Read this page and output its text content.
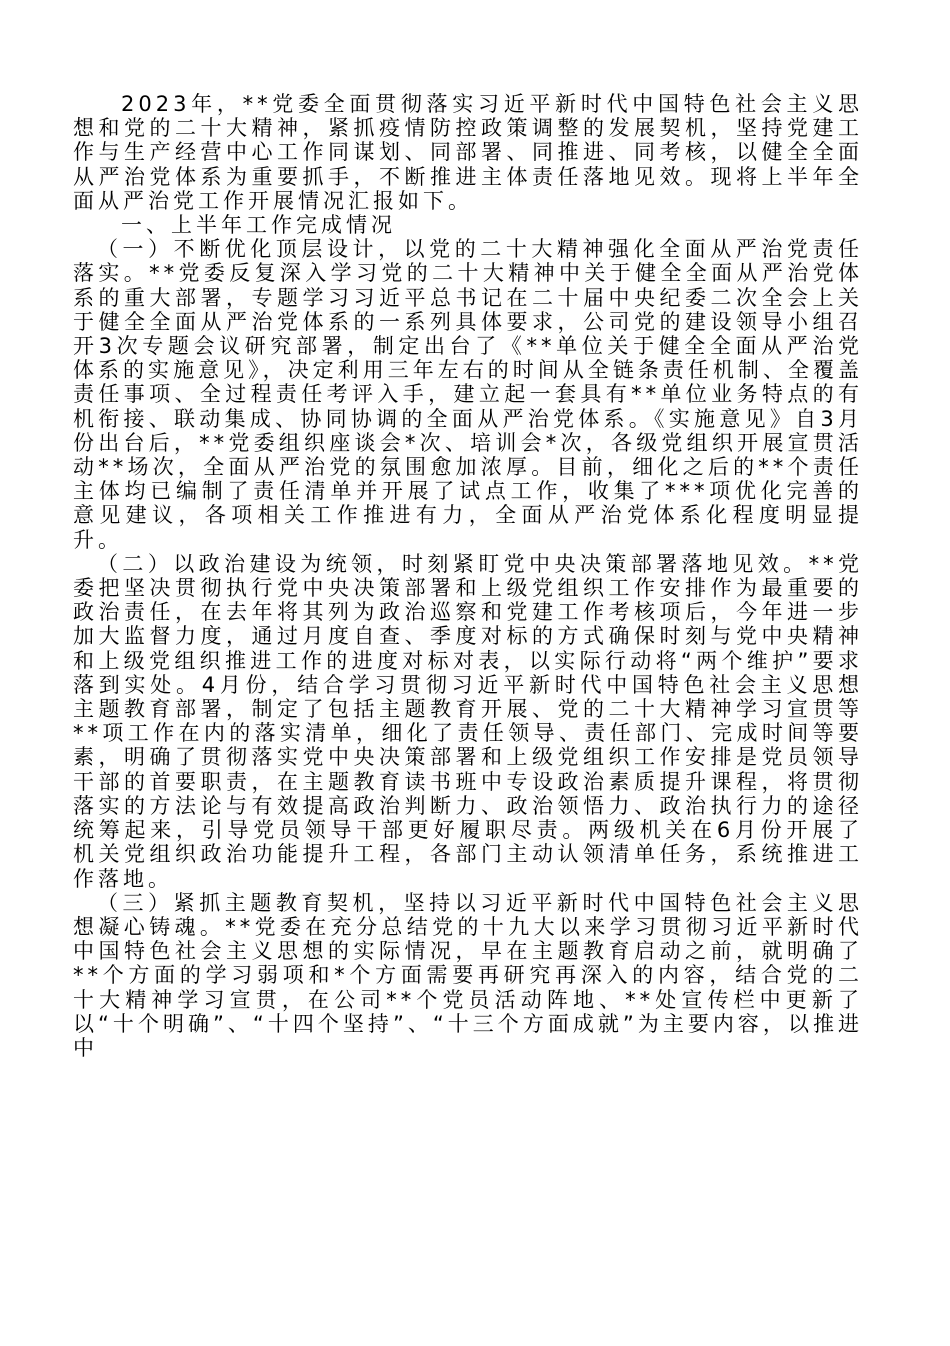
2023年，**党委全面贯彻落实习近平新时代中国特色社会主义思想和党的二十大精神，紧抓疫情防控政策调整的发展契机，坚持党建工作与生产经营中心工作同谋划、同部署、同推进、同考核，以健全全面从严治党体系为重要抓手，不断推进主体责任落地见效。现将上半年全面从严治党工作开展情况汇报如下。

一、上半年工作完成情况

（一）不断优化顶层设计，以党的二十大精神强化全面从严治党责任落实。**党委反复深入学习党的二十大精神中关于健全全面从严治党体系的重大部署，专题学习习近平总书记在二十届中央纪委二次全会上关于健全全面从严治党体系的一系列具体要求，公司党的建设领导小组召开3次专题会议研究部署，制定出台了《**单位关于健全全面从严治党体系的实施意见》，决定利用三年左右的时间从全链条责任机制、全覆盖责任事项、全过程责任考评入手，建立起一套具有**单位业务特点的有机衔接、联动集成、协同协调的全面从严治党体系。《实施意见》自3月份出台后，**党委组织座谈会*次、培训会*次，各级党组织开展宣贯活动**场次，全面从严治党的氛围愈加浓厚。目前，细化之后的**个责任主体均已编制了责任清单并开展了试点工作，收集了***项优化完善的意见建议，各项相关工作推进有力，全面从严治党体系化程度明显提升。

（二）以政治建设为统领，时刻紧盯党中央决策部署落地见效。**党委把坚决贯彻执行党中央决策部署和上级党组织工作安排作为最重要的政治责任，在去年将其列为政治巡察和党建工作考核项后，今年进一步加大监督力度，通过月度自查、季度对标的方式确保时刻与党中央精神和上级党组织推进工作的进度对标对表，以实际行动将“两个维护”要求落到实处。4月份，结合学习贯彻习近平新时代中国特色社会主义思想主题教育部署，制定了包括主题教育开展、党的二十大精神学习宣贯等**项工作在内的落实清单，细化了责任领导、责任部门、完成时间等要素，明确了贯彻落实党中央决策部署和上级党组织工作安排是党员领导干部的首要职责，在主题教育读书班中专设政治素质提升课程，将贯彻落实的方法论与有效提高政治判断力、政治领悟力、政治执行力的途径统筹起来，引导党员领导干部更好履职尽责。两级机关在6月份开展了机关党组织政治功能提升工程，各部门主动认领清单任务，系统推进工作落地。

（三）紧抓主题教育契机，坚持以习近平新时代中国特色社会主义思想凝心铸魂。**党委在充分总结党的十九大以来学习贯彻习近平新时代中国特色社会主义思想的实际情况，早在主题教育启动之前，就明确了**个方面的学习弱项和*个方面需要再研究再深入的内容，结合党的二十大精神学习宣贯，在公司**个党员活动阵地、**处宣传栏中更新了以“十个明确”、“十四个坚持”、“十三个方面成就”为主要内容，以推进中
